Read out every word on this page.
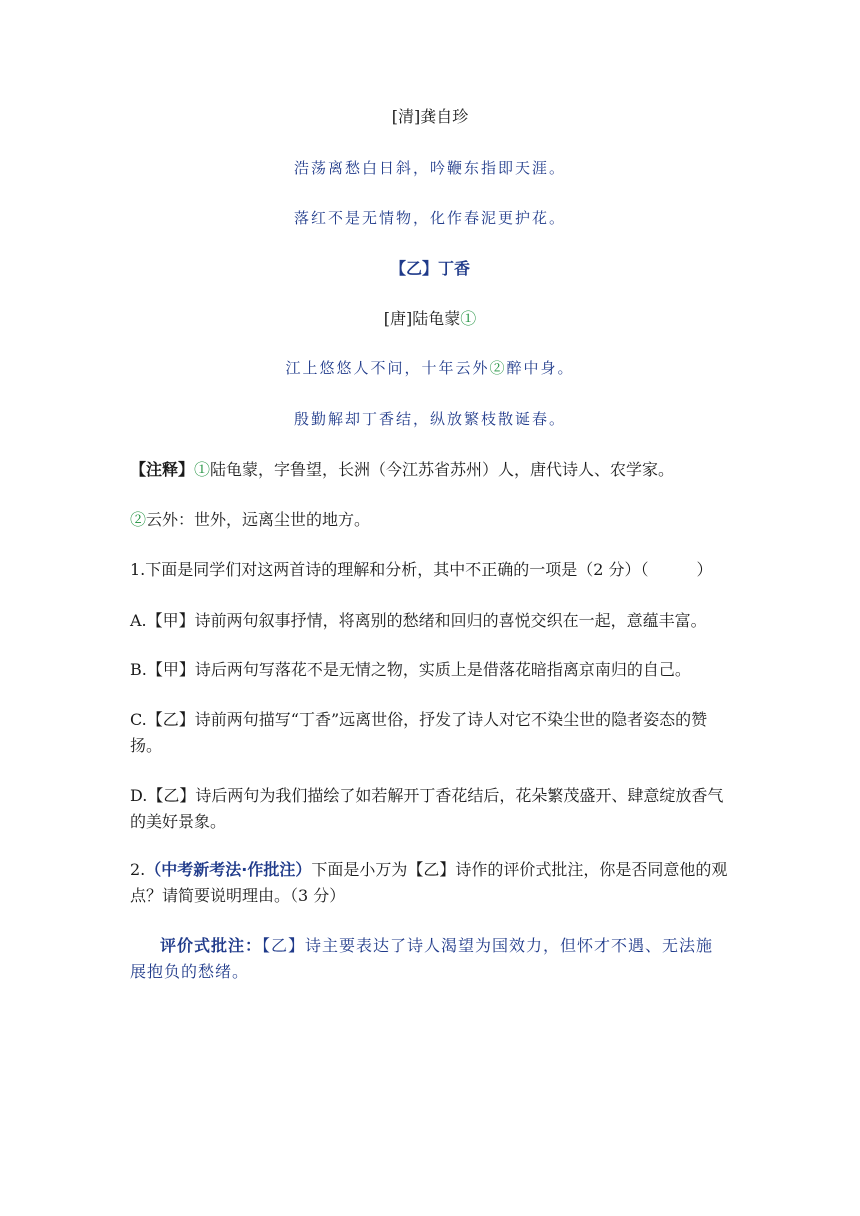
[清]龚自珍
浩荡离愁白日斜，吟鞭东指即天涯。
落红不是无情物，化作春泥更护花。
【乙】丁香
[唐]陆龟蒙①
江上悠悠人不问，十年云外②醉中身。
殷勤解却丁香结，纵放繁枝散诞春。
【注释】①陆龟蒙，字鲁望，长洲（今江苏省苏州）人，唐代诗人、农学家。
②云外：世外，远离尘世的地方。
1.下面是同学们对这两首诗的理解和分析，其中不正确的一项是（2 分）（　　　）
A.【甲】诗前两句叙事抒情，将离别的愁绪和回归的喜悦交织在一起，意蕴丰富。
B.【甲】诗后两句写落花不是无情之物，实质上是借落花暗指离京南归的自己。
C.【乙】诗前两句描写“丁香”远离世俗，抒发了诗人对它不染尘世的隐者姿态的赞扬。
D.【乙】诗后两句为我们描绘了如若解开丁香花结后，花朵繁茂盛开、肆意绽放香气的美好景象。
2.（中考新考法·作批注）下面是小万为【乙】诗作的评价式批注，你是否同意他的观点？请简要说明理由。（3 分）
评价式批注：【乙】诗主要表达了诗人渴望为国效力，但怀才不遇、无法施展抱负的愁绪。
